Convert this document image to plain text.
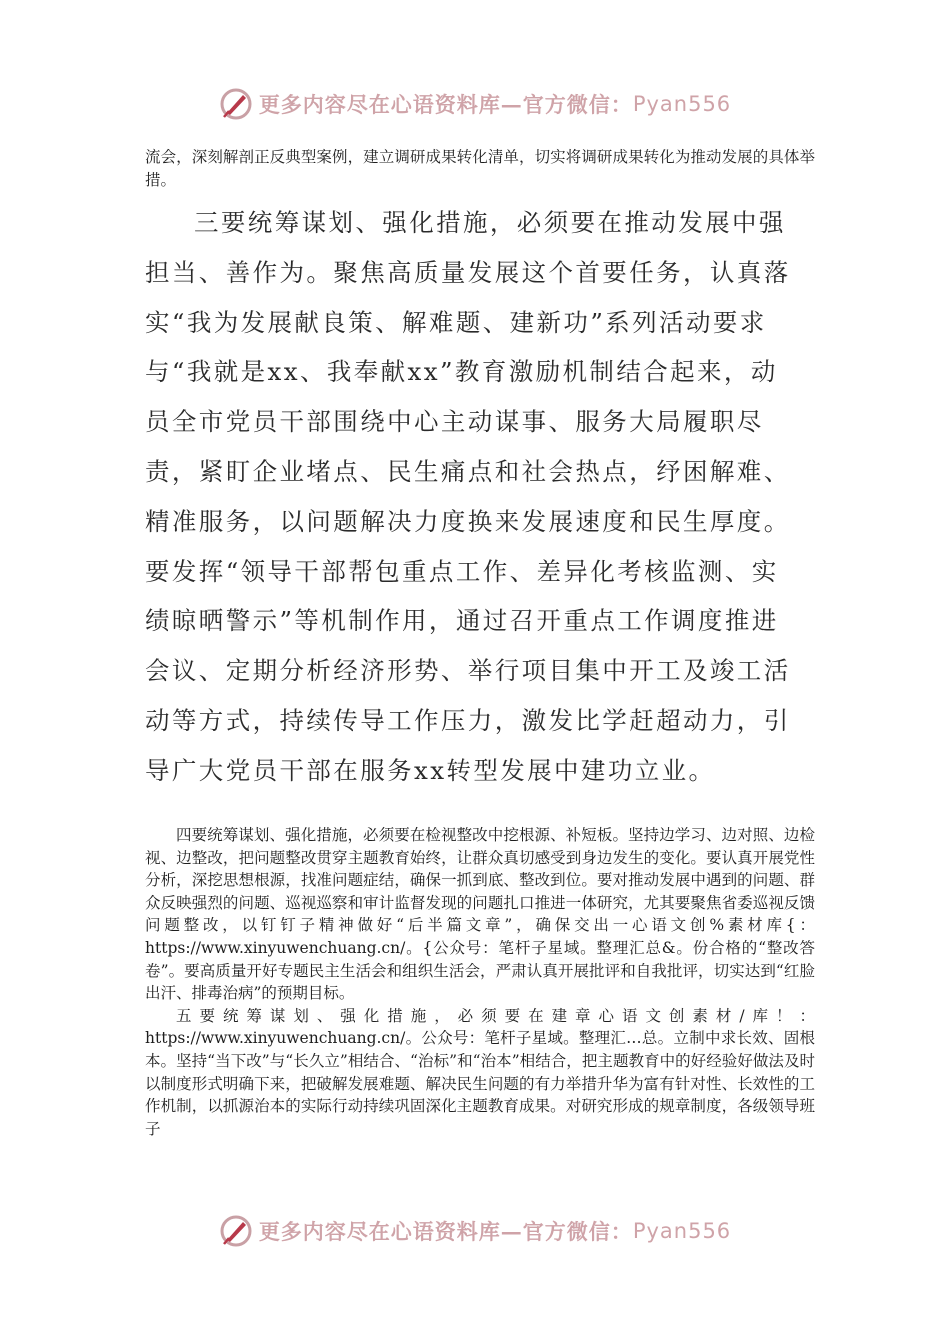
更多内容尽在心语资料库—官方微信： Pyan556

流会，深刻解剖正反典型案例，建立调研成果转化清单，切实将调研成果转化为推动发展的具体举措。

三要统筹谋划、强化措施，必须要在推动发展中强担当、善作为。聚焦高质量发展这个首要任务，认真落实“我为发展献良策、解难题、建新功”系列活动要求与“我就是xx、我奉献xx”教育激励机制结合起来，动员全市党员干部围绕中心主动谋事、服务大局履职尽责，紧盯企业堵点、民生痛点和社会热点，纾困解难、精准服务，以问题解决力度换来发展速度和民生厚度。要发挥“领导干部帮包重点工作、差异化考核监测、实绩晾晒警示”等机制作用，通过召开重点工作调度推进会议、定期分析经济形势、举行项目集中开工及竣工活动等方式，持续传导工作压力，激发比学赶超动力，引导广大党员干部在服务xx转型发展中建功立业。

四要统筹谋划、强化措施，必须要在检视整改中挖根源、补短板。坚持边学习、边对照、边检视、边整改，把问题整改贯穿主题教育始终，让群众真切感受到身边发生的变化。要认真开展党性分析，深挖思想根源，找准问题症结，确保一抓到底、整改到位。要对推动发展中遇到的问题、群众反映强烈的问题、巡视巡察和审计监督发现的问题扎口推进一体研究，尤其要聚焦省委巡视反馈问题整改，以钉钉子精神做好“后半篇文章”，确保交出一心语文创%素材库{：https://www.xinyuwenchuang.cn/。{公众号：笔杆子星域。整理汇总&。份合格的“整改答卷”。要高质量开好专题民主生活会和组织生活会，严肃认真开展批评和自我批评，切实达到“红脸出汗、排毒治病”的预期目标。

五要统筹谋划、强化措施，必须要在建章心语文创素材/库！：https://www.xinyuwenchuang.cn/。公众号：笔杆子星域。整理汇…总。立制中求长效、固根本。坚持“当下改”与“长久立”相结合、“治标”和“治本”相结合，把主题教育中的好经验好做法及时以制度形式明确下来，把破解发展难题、解决民生问题的有力举措升华为富有针对性、长效性的工作机制，以抓源治本的实际行动持续巩固深化主题教育成果。对研究形成的规章制度，各级领导班子

更多内容尽在心语资料库—官方微信： Pyan556
